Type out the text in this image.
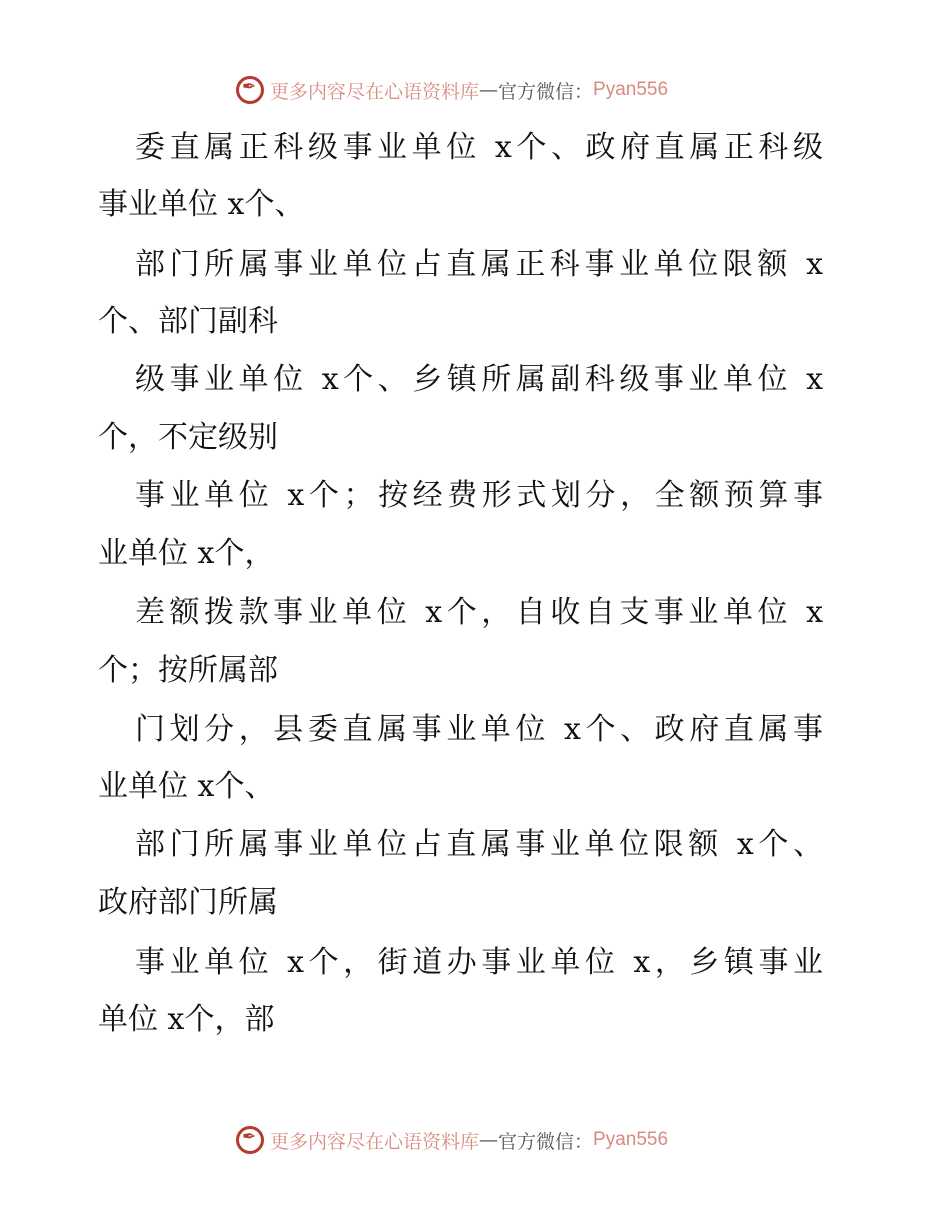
✒
更多内容尽在心语资料库 — 官方微信： Pyan556
委直属正科级事业单位 x个、政府直属正科级
事业单位 x个、
部门所属事业单位占直属正科事业单位限额 x
个、部门副科
级事业单位 x个、乡镇所属副科级事业单位 x
个，不定级别
事业单位 x个；按经费形式划分，全额预算事
业单位 x个，
差额拨款事业单位 x个，自收自支事业单位 x
个；按所属部
门划分，县委直属事业单位 x个、政府直属事
业单位 x个、
部门所属事业单位占直属事业单位限额 x个、
政府部门所属
事业单位 x个，街道办事业单位 x，乡镇事业
单位 x个，部
✒
更多内容尽在心语资料库 — 官方微信： Pyan556
